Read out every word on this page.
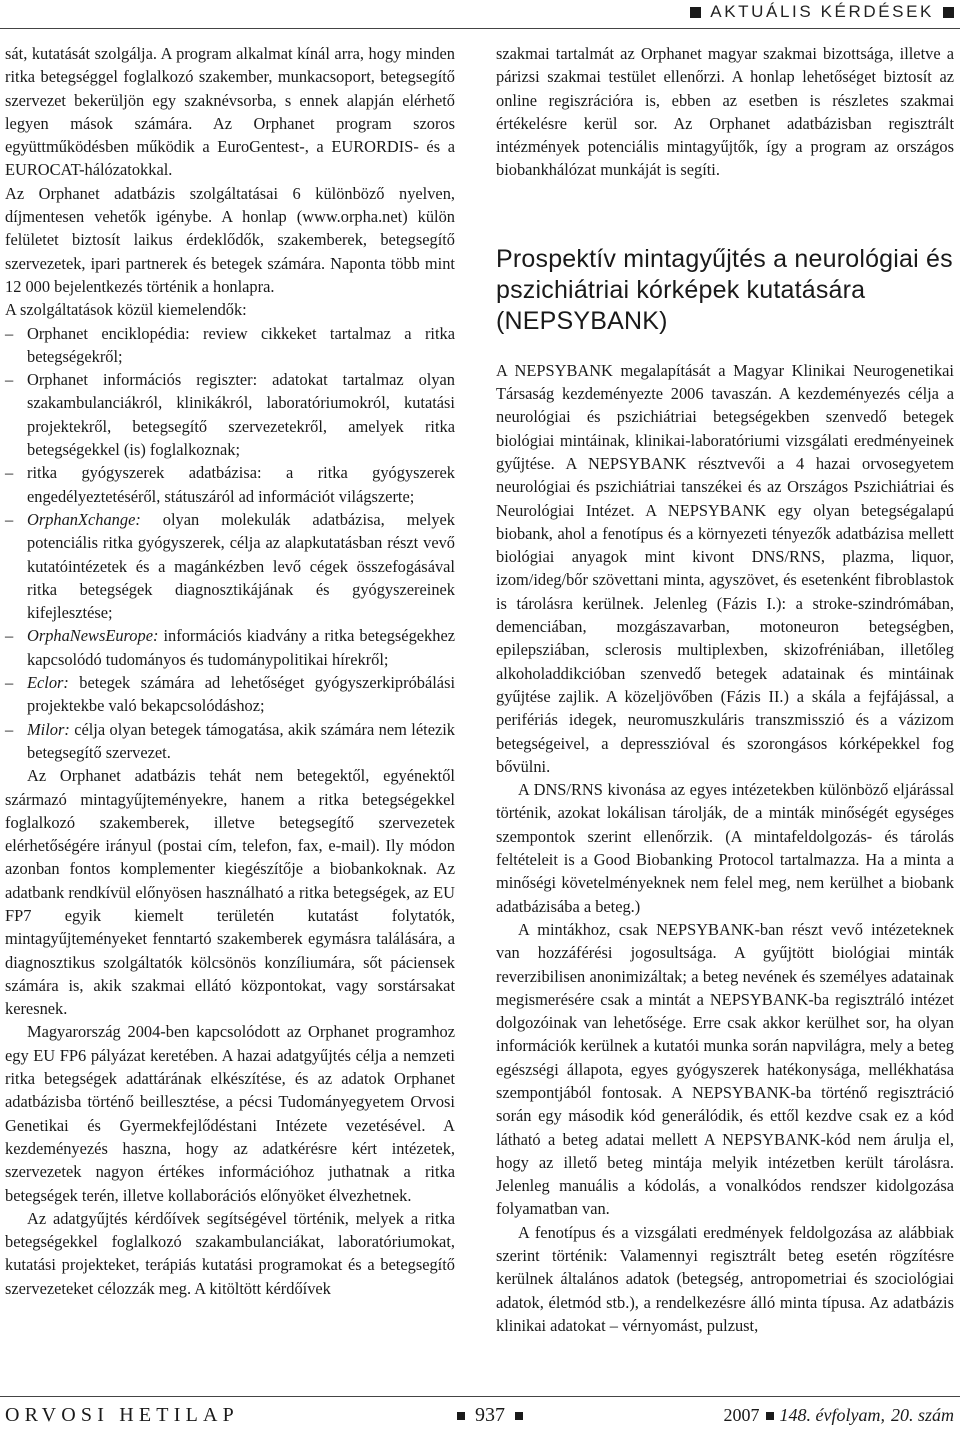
AKTUÁLIS KÉRDÉSEK

sát, kutatását szolgálja. A program alkalmat kínál arra, hogy minden ritka betegséggel foglalkozó szakember, munkacsoport, betegsegítő szervezet bekerüljön egy szaknévsorba, s ennek alapján elérhető legyen mások számára. Az Orphanet program szoros együttműködésben működik a EuroGentest-, a EURORDIS- és a EUROCAT-hálózatokkal.

Az Orphanet adatbázis szolgáltatásai 6 különböző nyelven, díjmentesen vehetők igénybe. A honlap (www.orpha.net) külön felületet biztosít laikus érdeklődők, szakemberek, betegsegítő szervezetek, ipari partnerek és betegek számára. Naponta több mint 12 000 bejelentkezés történik a honlapra.

A szolgáltatások közül kiemelendők:

– Orphanet enciklopédia: review cikkeket tartalmaz a ritka betegségekről;
– Orphanet információs regiszter: adatokat tartalmaz olyan szakambulanciákról, klinikákról, laboratóriumokról, kutatási projektekről, betegsegítő szervezetekről, amelyek ritka betegségekkel (is) foglalkoznak;
– ritka gyógyszerek adatbázisa: a ritka gyógyszerek engedélyeztetéséről, státuszáról ad információt világszerte;
– OrphanXchange: olyan molekulák adatbázisa, melyek potenciális ritka gyógyszerek, célja az alapkutatásban részt vevő kutatóintézetek és a magánkézben levő cégek összefogásával ritka betegségek diagnosztikájának és gyógyszereinek kifejlesztése;
– OrphaNewsEurope: információs kiadvány a ritka betegségekhez kapcsolódó tudományos és tudománypolitikai hírekről;
– Eclor: betegek számára ad lehetőséget gyógyszerkipróbálási projektekbe való bekapcsolódáshoz;
– Milor: célja olyan betegek támogatása, akik számára nem létezik betegsegítő szervezet.

Az Orphanet adatbázis tehát nem betegektől, egyénektől származó mintagyűjteményekre, hanem a ritka betegségekkel foglalkozó szakemberek, illetve betegsegítő szervezetek elérhetőségére irányul (postai cím, telefon, fax, e-mail). Ily módon azonban fontos komplementer kiegészítője a biobankoknak. Az adatbank rendkívül előnyösen használható a ritka betegségek, az EU FP7 egyik kiemelt területén kutatást folytatók, mintagyűjteményeket fenntartó szakemberek egymásra találására, a diagnosztikus szolgáltatók kölcsönös konzíliumára, sőt páciensek számára is, akik szakmai ellátó központokat, vagy sorstársakat keresnek.

Magyarország 2004-ben kapcsolódott az Orphanet programhoz egy EU FP6 pályázat keretében. A hazai adatgyűjtés célja a nemzeti ritka betegségek adattárának elkészítése, és az adatok Orphanet adatbázisba történő beillesztése, a pécsi Tudományegyetem Orvosi Genetikai és Gyermekfejlődéstani Intézete vezetésével. A kezdeményezés haszna, hogy az adatkérésre kért intézetek, szervezetek nagyon értékes információhoz juthatnak a ritka betegségek terén, illetve kollaborációs előnyöket élvezhetnek.

Az adatgyűjtés kérdőívek segítségével történik, melyek a ritka betegségekkel foglalkozó szakambulanciákat, laboratóriumokat, kutatási projekteket, terápiás kutatási programokat és a betegsegítő szervezeteket célozzák meg. A kitöltött kérdőívek

szakmai tartalmát az Orphanet magyar szakmai bizottsága, illetve a párizsi szakmai testület ellenőrzi. A honlap lehetőséget biztosít az online regiszrációra is, ebben az esetben is részletes szakmai értékelésre kerül sor. Az Orphanet adatbázisban regisztrált intézmények potenciális mintagyűjtők, így a program az országos biobankhálózat munkáját is segíti.

Prospektív mintagyűjtés a neurológiai és pszichiátriai kórképek kutatására (NEPSYBANK)

A NEPSYBANK megalapítását a Magyar Klinikai Neurogenetikai Társaság kezdeményezte 2006 tavaszán. A kezdeményezés célja a neurológiai és pszichiátriai betegségekben szenvedő betegek biológiai mintáinak, klinikai-laboratóriumi vizsgálati eredményeinek gyűjtése. A NEPSYBANK résztvevői a 4 hazai orvosegyetem neurológiai és pszichiátriai tanszékei és az Országos Pszichiátriai és Neurológiai Intézet. A NEPSYBANK egy olyan betegségalapú biobank, ahol a fenotípus és a környezeti tényezők adatbázisa mellett biológiai anyagok mint kivont DNS/RNS, plazma, liquor, izom/ideg/bőr szövettani minta, agyszövet, és esetenként fibroblastok is tárolásra kerülnek. Jelenleg (Fázis I.): a stroke-szindrómában, demenciában, mozgászavarban, motoneuron betegségben, epilepsziában, sclerosis multiplexben, skizofréniában, illetőleg alkoholaddikcióban szenvedő betegek adatainak és mintáinak gyűjtése zajlik. A közeljövőben (Fázis II.) a skála a fejfájással, a perifériás idegek, neuromuszkuláris transzmisszió és a vázizom betegségeivel, a depresszióval és szorongásos kórképekkel fog bővülni.

A DNS/RNS kivonása az egyes intézetekben különböző eljárással történik, azokat lokálisan tárolják, de a minták minőségét egységes szempontok szerint ellenőrzik. (A mintafeldolgozás- és tárolás feltételeit is a Good Biobanking Protocol tartalmazza. Ha a minta a minőségi követelményeknek nem felel meg, nem kerülhet a biobank adatbázisába a beteg.)

A mintákhoz, csak NEPSYBANK-ban részt vevő intézeteknek van hozzáférési jogosultsága. A gyűjtött biológiai minták reverzibilisen anonimizáltak; a beteg nevének és személyes adatainak megismerésére csak a mintát a NEPSYBANK-ba regisztráló intézet dolgozóinak van lehetősége. Erre csak akkor kerülhet sor, ha olyan információk kerülnek a kutatói munka során napvilágra, mely a beteg egészségi állapota, egyes gyógyszerek hatékonysága, mellékhatása szempontjából fontosak. A NEPSYBANK-ba történő regisztráció során egy második kód generálódik, és ettől kezdve csak ez a kód látható a beteg adatai mellett A NEPSYBANK-kód nem árulja el, hogy az illető beteg mintája melyik intézetben került tárolásra. Jelenleg manuális a kódolás, a vonalkódos rendszer kidolgozása folyamatban van.

A fenotípus és a vizsgálati eredmények feldolgozása az alábbiak szerint történik: Valamennyi regisztrált beteg esetén rögzítésre kerülnek általános adatok (betegség, antropometriai és szociológiai adatok, életmód stb.), a rendelkezésre álló minta típusa. Az adatbázis klinikai adatokat – vérnyomást, pulzust,

ORVOSI HETILAP	937	2007 148. évfolyam, 20. szám
